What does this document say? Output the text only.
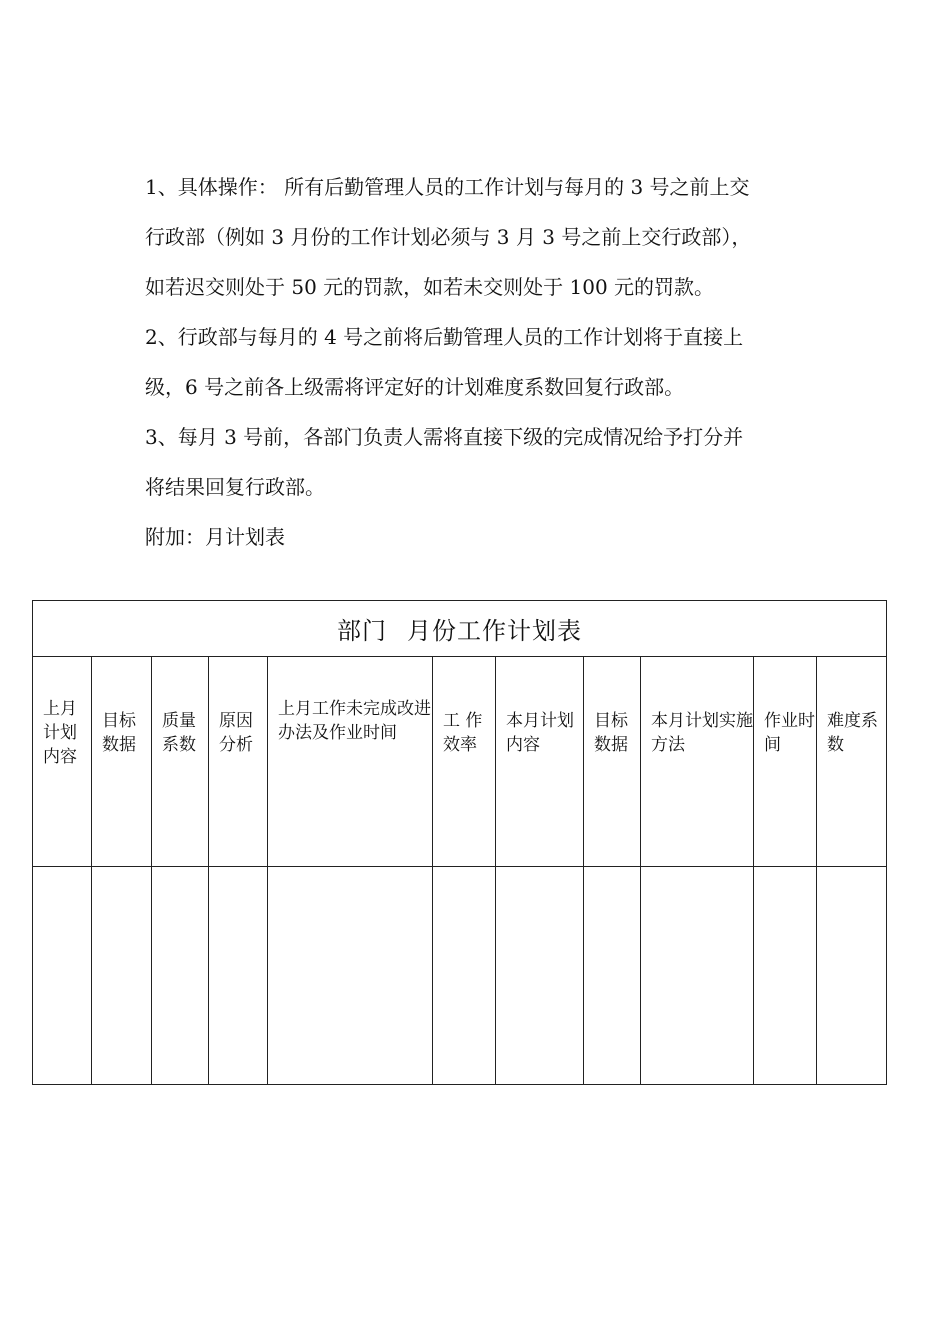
1、具体操作： 所有后勤管理人员的工作计划与每月的 3 号之前上交
行政部（例如 3 月份的工作计划必须与 3 月 3 号之前上交行政部），
如若迟交则处于 50 元的罚款，如若未交则处于 100 元的罚款。
2、行政部与每月的 4 号之前将后勤管理人员的工作计划将于直接上
级，6 号之前各上级需将评定好的计划难度系数回复行政部。
3、每月 3 号前，各部门负责人需将直接下级的完成情况给予打分并
将结果回复行政部。
附加：月计划表
部门 月份工作计划表										
上月计划内容	目标数据	质量系数	原因分析	上月工作未完成改进办法及作业时间	工 作效率	本月计划内容	目标数据	本月计划实施方法	作业时间	难度系数
